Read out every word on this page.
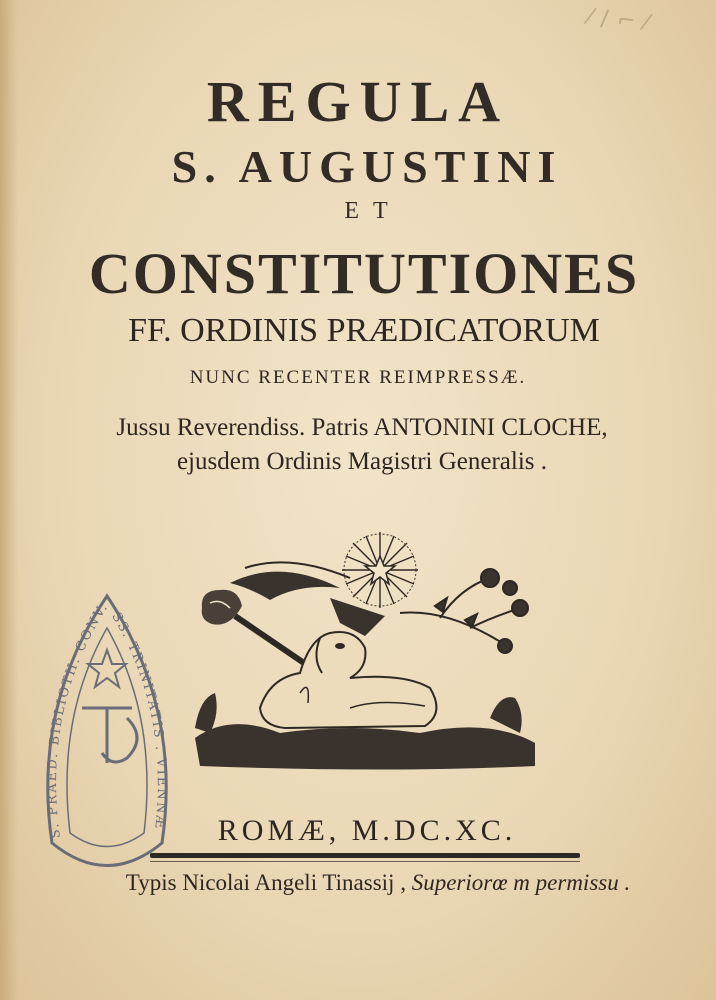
⁄ / ⌐ ⁄
REGULA
S. AUGUSTINI
ET
CONSTITUTIONES
FF. ORDINIS PRÆDICATORUM
NUNC RECENTER REIMPRESSÆ.
Jussu Reverendiss. Patris ANTONINI CLOCHE,
ejusdem Ordinis Magistri Generalis .
S. PRAED. BIBLIOTH. CONV. SS. TRINITATIS . VIENNÆ	ROMÆ, M.DC.XC.
Typis Nicolai Angeli Tinassij , Superiorœ m permissu .
